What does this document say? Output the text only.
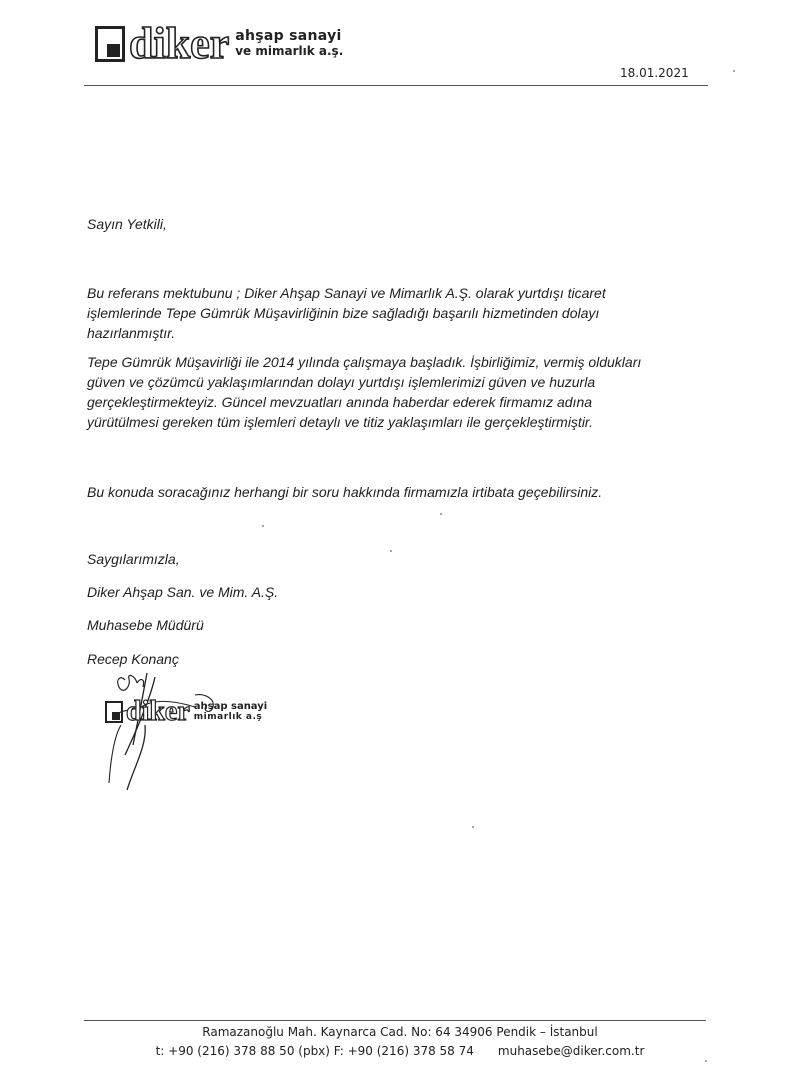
diker ahşap sanayi
ve mimarlık a.ş.
18.01.2021
Sayın Yetkili,
Bu referans mektubunu ; Diker Ahşap Sanayi ve Mimarlık A.Ş. olarak yurtdışı ticaret
işlemlerinde Tepe Gümrük Müşavirliğinin bize sağladığı başarılı hizmetinden dolayı
hazırlanmıştır.
Tepe Gümrük Müşavirliği ile 2014 yılında çalışmaya başladık. İşbirliğimiz, vermiş oldukları
güven ve çözümcü yaklaşımlarından dolayı yurtdışı işlemlerimizi güven ve huzurla
gerçekleştirmekteyiz. Güncel mevzuatları anında haberdar ederek firmamız adına
yürütülmesi gereken tüm işlemleri detaylı ve titiz yaklaşımları ile gerçekleştirmiştir.
Bu konuda soracağınız herhangi bir soru hakkında firmamızla irtibata geçebilirsiniz.
Saygılarımızla,
Diker Ahşap San. ve Mim. A.Ş.
Muhasebe Müdürü
Recep Konanç
diker ahşap sanayi
mimarlık a.ş
Ramazanoğlu Mah. Kaynarca Cad. No: 64 34906 Pendik – İstanbul
t: +90 (216) 378 88 50 (pbx) F: +90 (216) 378 58 74 muhasebe@diker.com.tr
